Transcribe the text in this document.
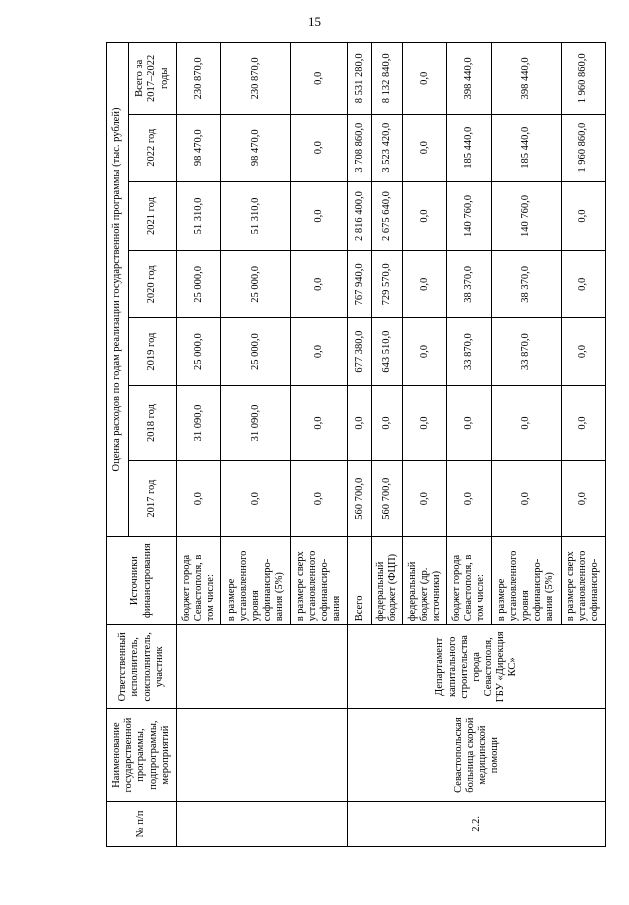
15
№ п/п	Наименование государственной программы, подпрограммы, мероприятий	Ответственный исполнитель, соисполнитель, участник	Источники финансирования	Оценка расходов по годам реализации государственной программы (тыс. рублей)						
				2017 год	2018 год	2019 год	2020 год	2021 год	2022 год	Всего за 2017–2022 годы
			бюджет города Севастополя, в том числе:	0,0	31 090,0	25 000,0	25 000,0	51 310,0	98 470,0	230 870,0
			в размере установленного уровня софинансиро-вания (5%)	0,0	31 090,0	25 000,0	25 000,0	51 310,0	98 470,0	230 870,0
			в размере сверх установленного софинансиро-вания	0,0	0,0	0,0	0,0	0,0	0,0	0,0
2.2.	Севастопольская больница скорой медицинской помощи	Департамент капитального строительства города Севастополя, ГБУ «Дирекция КС»	Всего	560 700,0	0,0	677 380,0	767 940,0	2 816 400,0	3 708 860,0	8 531 280,0
			федеральный бюджет (ФЦП)	560 700,0	0,0	643 510,0	729 570,0	2 675 640,0	3 523 420,0	8 132 840,0
			федеральный бюджет (др. источники)	0,0	0,0	0,0	0,0	0,0	0,0	0,0
			бюджет города Севастополя, в том числе:	0,0	0,0	33 870,0	38 370,0	140 760,0	185 440,0	398 440,0
			в размере установленного уровня софинансиро-вания (5%)	0,0	0,0	33 870,0	38 370,0	140 760,0	185 440,0	398 440,0
			в размере сверх установленного софинансиро-	0,0	0,0	0,0	0,0	0,0	1 960 860,0	1 960 860,0
